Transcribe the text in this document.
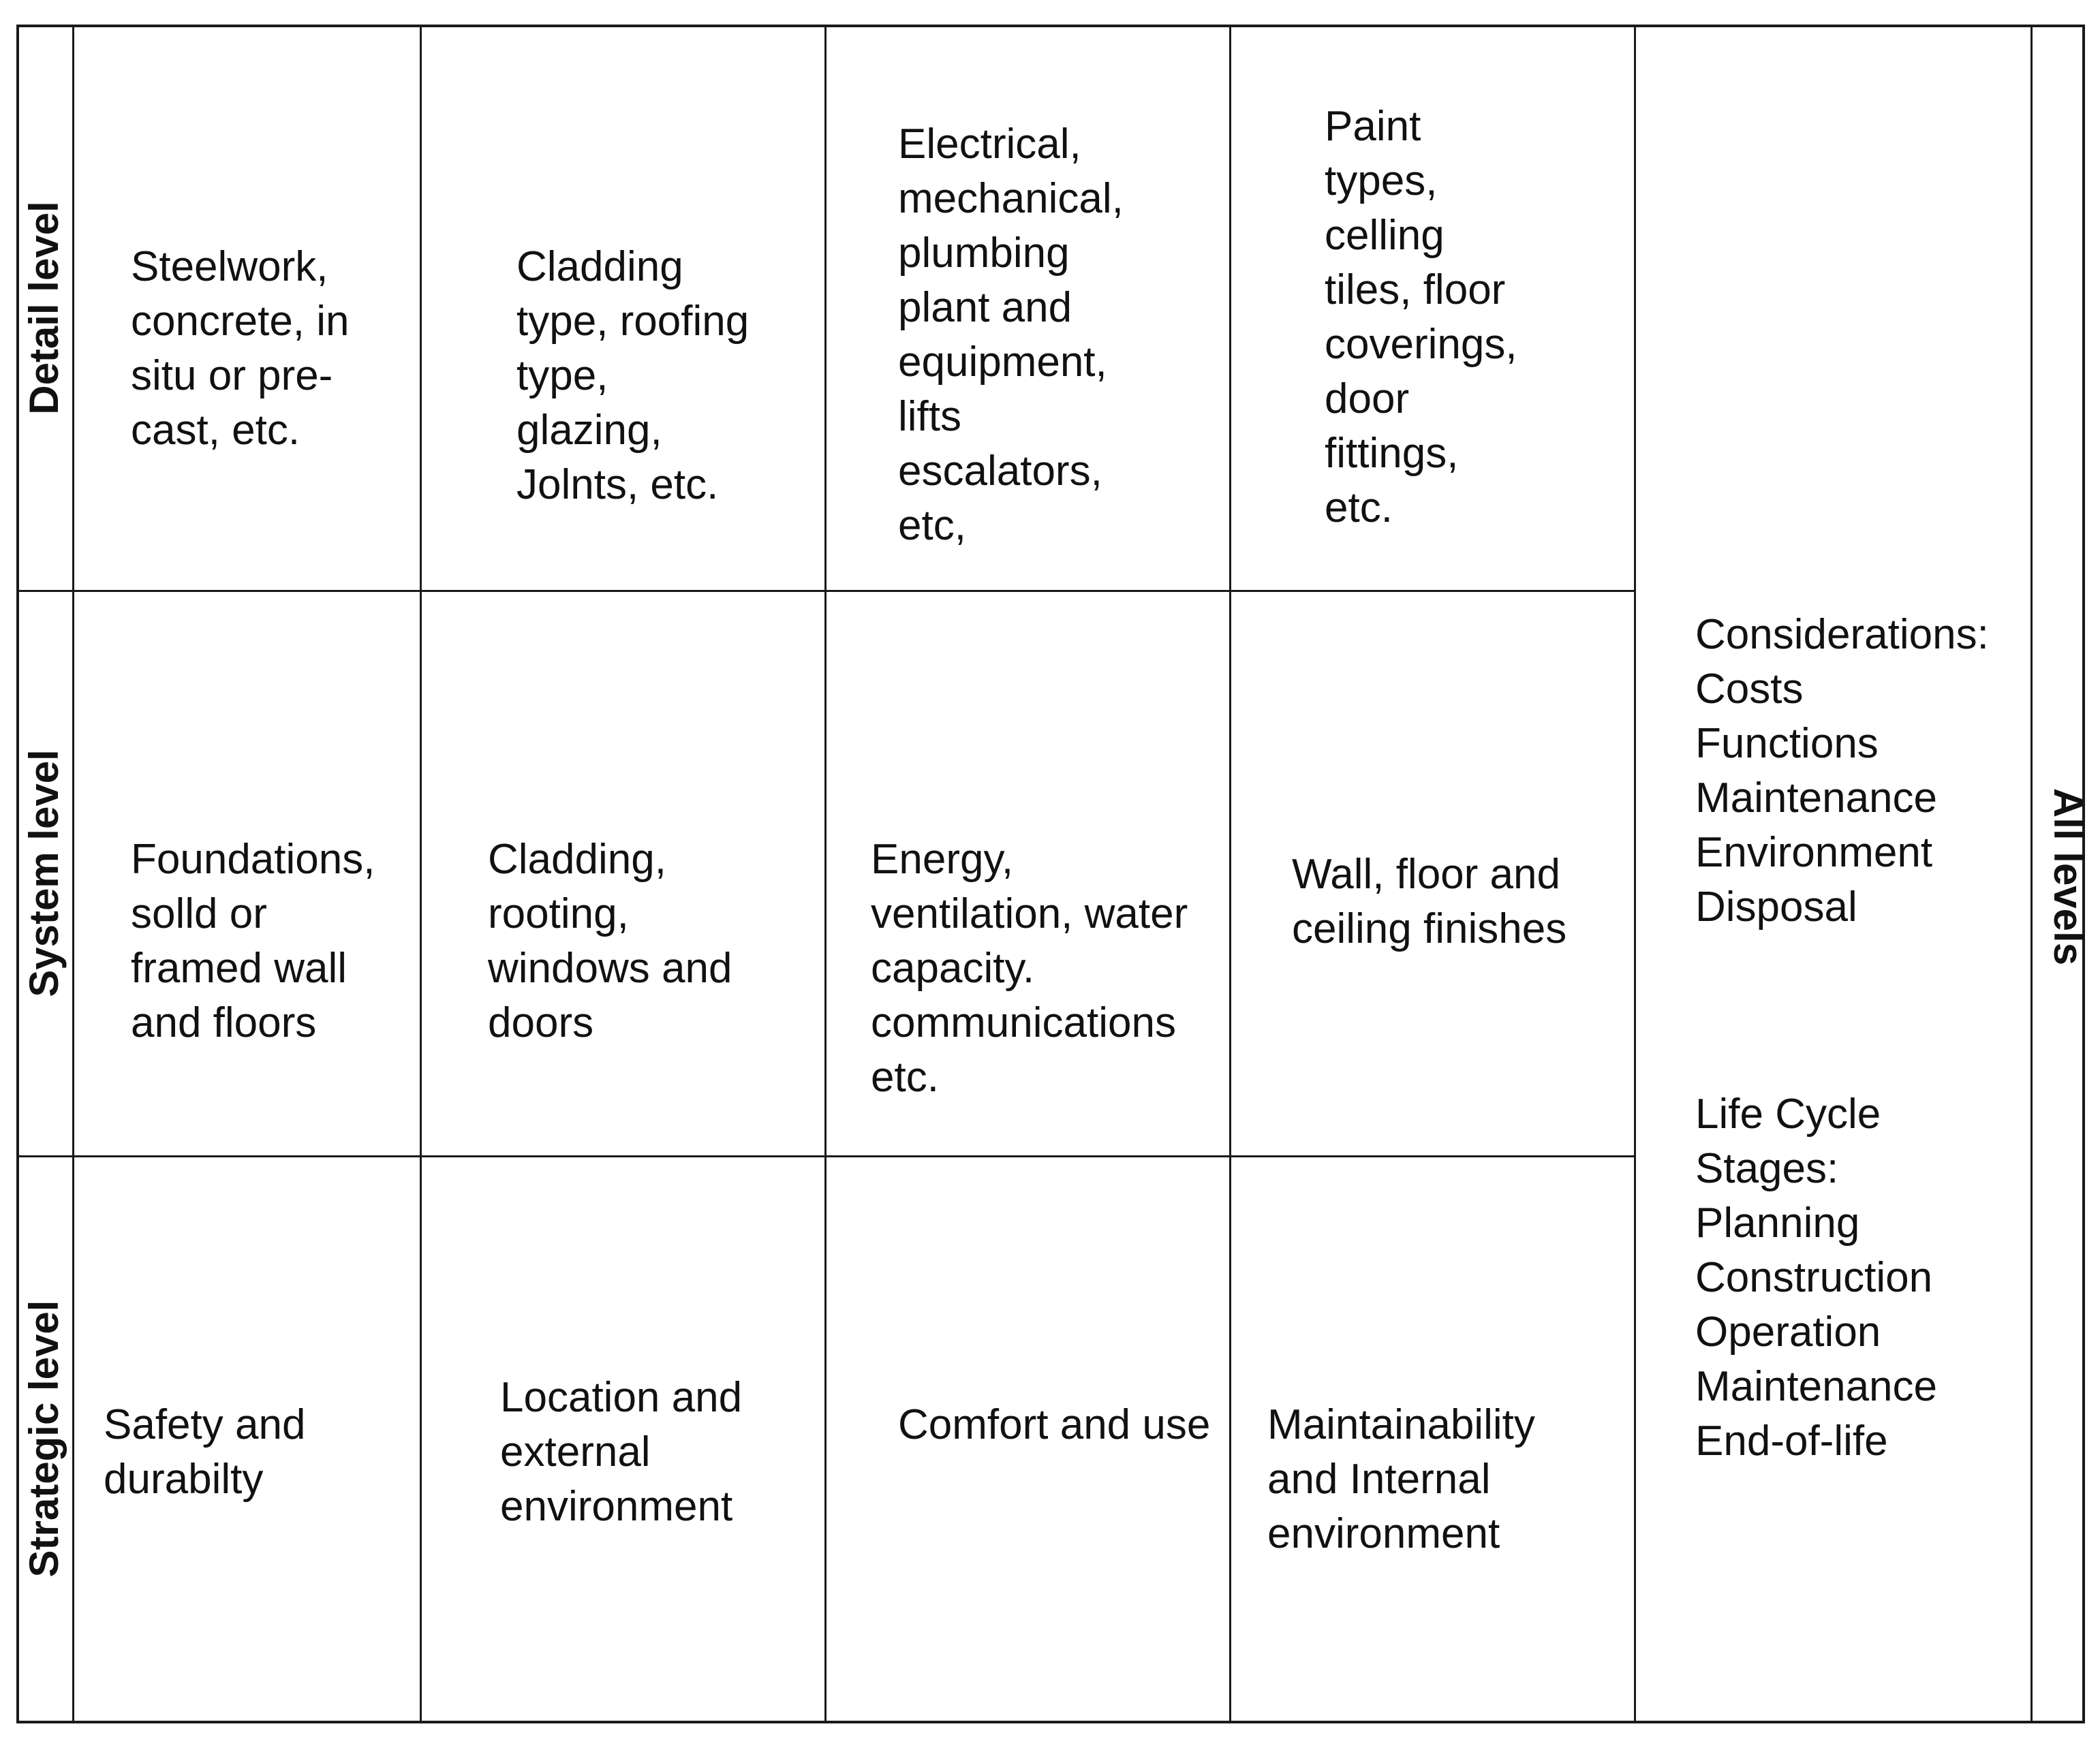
Detail level
System level
Strategic level
All levels
Steelwork,
concrete, in
situ or pre-
cast, etc.
Cladding
type, roofing
type,
glazing,
Jolnts, etc.
Electrical,
mechanical,
plumbing
plant and
equipment,
lifts
escalators,
etc,
Paint
types,
celling
tiles, floor
coverings,
door
fittings,
etc.
Foundations,
solld or
framed wall
and floors
Cladding,
rooting,
windows and
doors
Energy,
ventilation, water
capacity.
communications
etc.
Wall, floor and
ceiling finishes
Safety and
durabilty
Location and
external
environment
Comfort and use Maintainability
and Internal
environment
Considerations:
Costs
Functions
Maintenance
Environment
Disposal
Life Cycle
Stages:
Planning
Construction
Operation
Maintenance
End-of-life
